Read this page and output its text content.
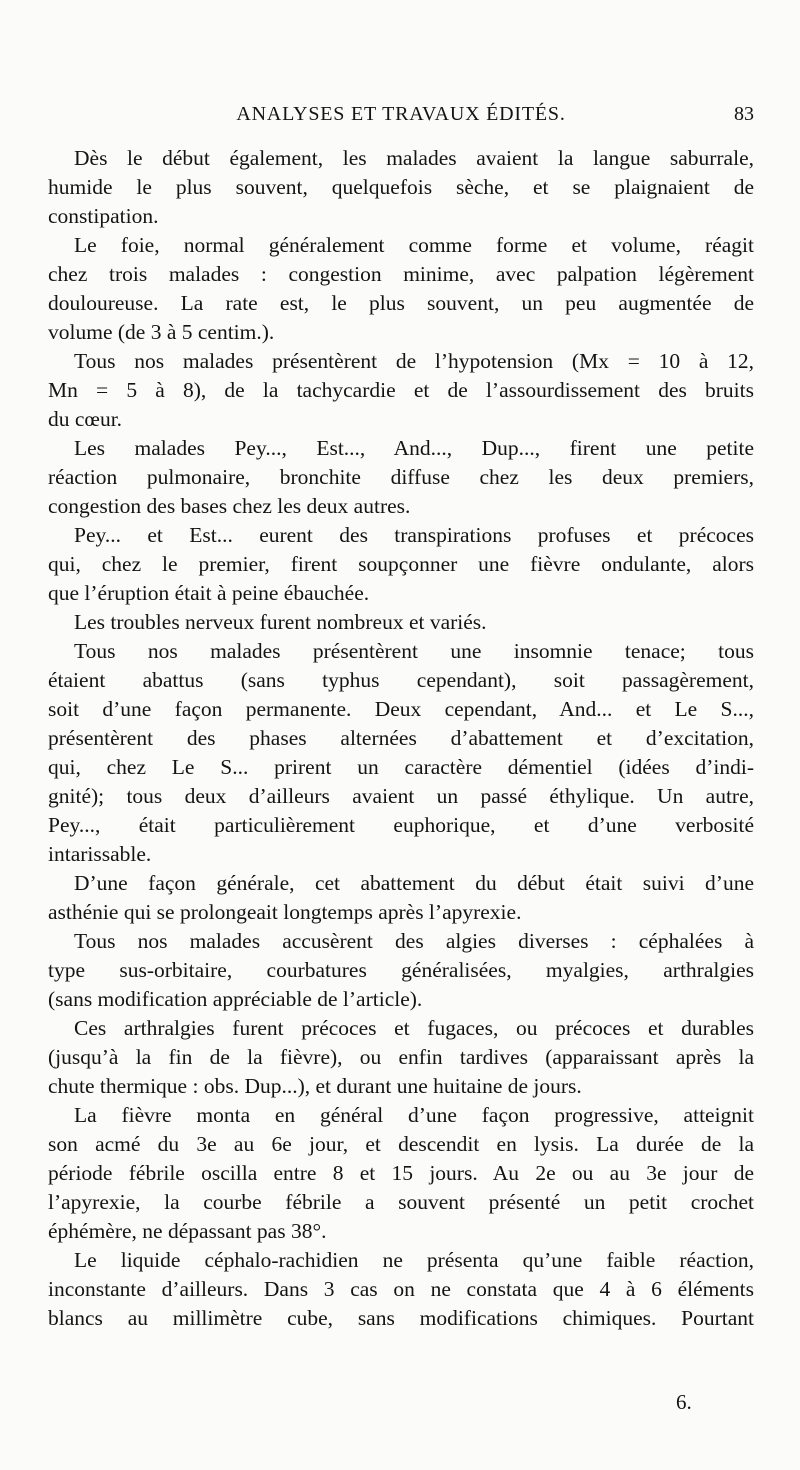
ANALYSES ET TRAVAUX ÉDITÉS.	83
Dès le début également, les malades avaient la langue saburrale,
humide le plus souvent, quelquefois sèche, et se plaignaient de
constipation.
Le foie, normal généralement comme forme et volume, réagit
chez trois malades : congestion minime, avec palpation légèrement
douloureuse. La rate est, le plus souvent, un peu augmentée de
volume (de 3 à 5 centim.).
Tous nos malades présentèrent de l’hypotension (Mx = 10 à 12,
Mn = 5 à 8), de la tachycardie et de l’assourdissement des bruits
du cœur.
Les malades Pey..., Est..., And..., Dup..., firent une petite
réaction pulmonaire, bronchite diffuse chez les deux premiers,
congestion des bases chez les deux autres.
Pey... et Est... eurent des transpirations profuses et précoces
qui, chez le premier, firent soupçonner une fièvre ondulante, alors
que l’éruption était à peine ébauchée.
Les troubles nerveux furent nombreux et variés.
Tous nos malades présentèrent une insomnie tenace; tous
étaient abattus (sans typhus cependant), soit passagèrement,
soit d’une façon permanente. Deux cependant, And... et Le S...,
présentèrent des phases alternées d’abattement et d’excitation,
qui, chez Le S... prirent un caractère démentiel (idées d’indi-
gnité); tous deux d’ailleurs avaient un passé éthylique. Un autre,
Pey..., était particulièrement euphorique, et d’une verbosité
intarissable.
D’une façon générale, cet abattement du début était suivi d’une
asthénie qui se prolongeait longtemps après l’apyrexie.
Tous nos malades accusèrent des algies diverses : céphalées à
type sus-orbitaire, courbatures généralisées, myalgies, arthralgies
(sans modification appréciable de l’article).
Ces arthralgies furent précoces et fugaces, ou précoces et durables
(jusqu’à la fin de la fièvre), ou enfin tardives (apparaissant après la
chute thermique : obs. Dup...), et durant une huitaine de jours.
La fièvre monta en général d’une façon progressive, atteignit
son acmé du 3e au 6e jour, et descendit en lysis. La durée de la
période fébrile oscilla entre 8 et 15 jours. Au 2e ou au 3e jour de
l’apyrexie, la courbe fébrile a souvent présenté un petit crochet
éphémère, ne dépassant pas 38°.
Le liquide céphalo-rachidien ne présenta qu’une faible réaction,
inconstante d’ailleurs. Dans 3 cas on ne constata que 4 à 6 éléments
blancs au millimètre cube, sans modifications chimiques. Pourtant
6.
